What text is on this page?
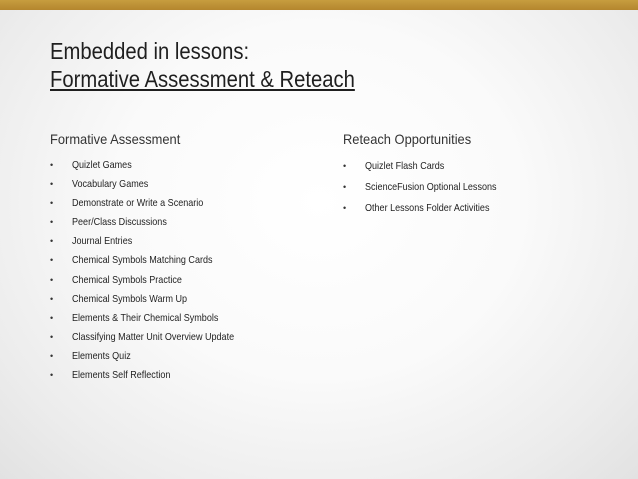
Embedded in lessons:
Formative Assessment & Reteach
Formative Assessment
• Quizlet Games
• Vocabulary Games
• Demonstrate or Write a Scenario
• Peer/Class Discussions
• Journal Entries
• Chemical Symbols Matching Cards
• Chemical Symbols Practice
• Chemical Symbols Warm Up
• Elements & Their Chemical Symbols
• Classifying Matter Unit Overview Update
• Elements Quiz
• Elements Self Reflection
Reteach Opportunities
• Quizlet Flash Cards
• ScienceFusion Optional Lessons
• Other Lessons Folder Activities
